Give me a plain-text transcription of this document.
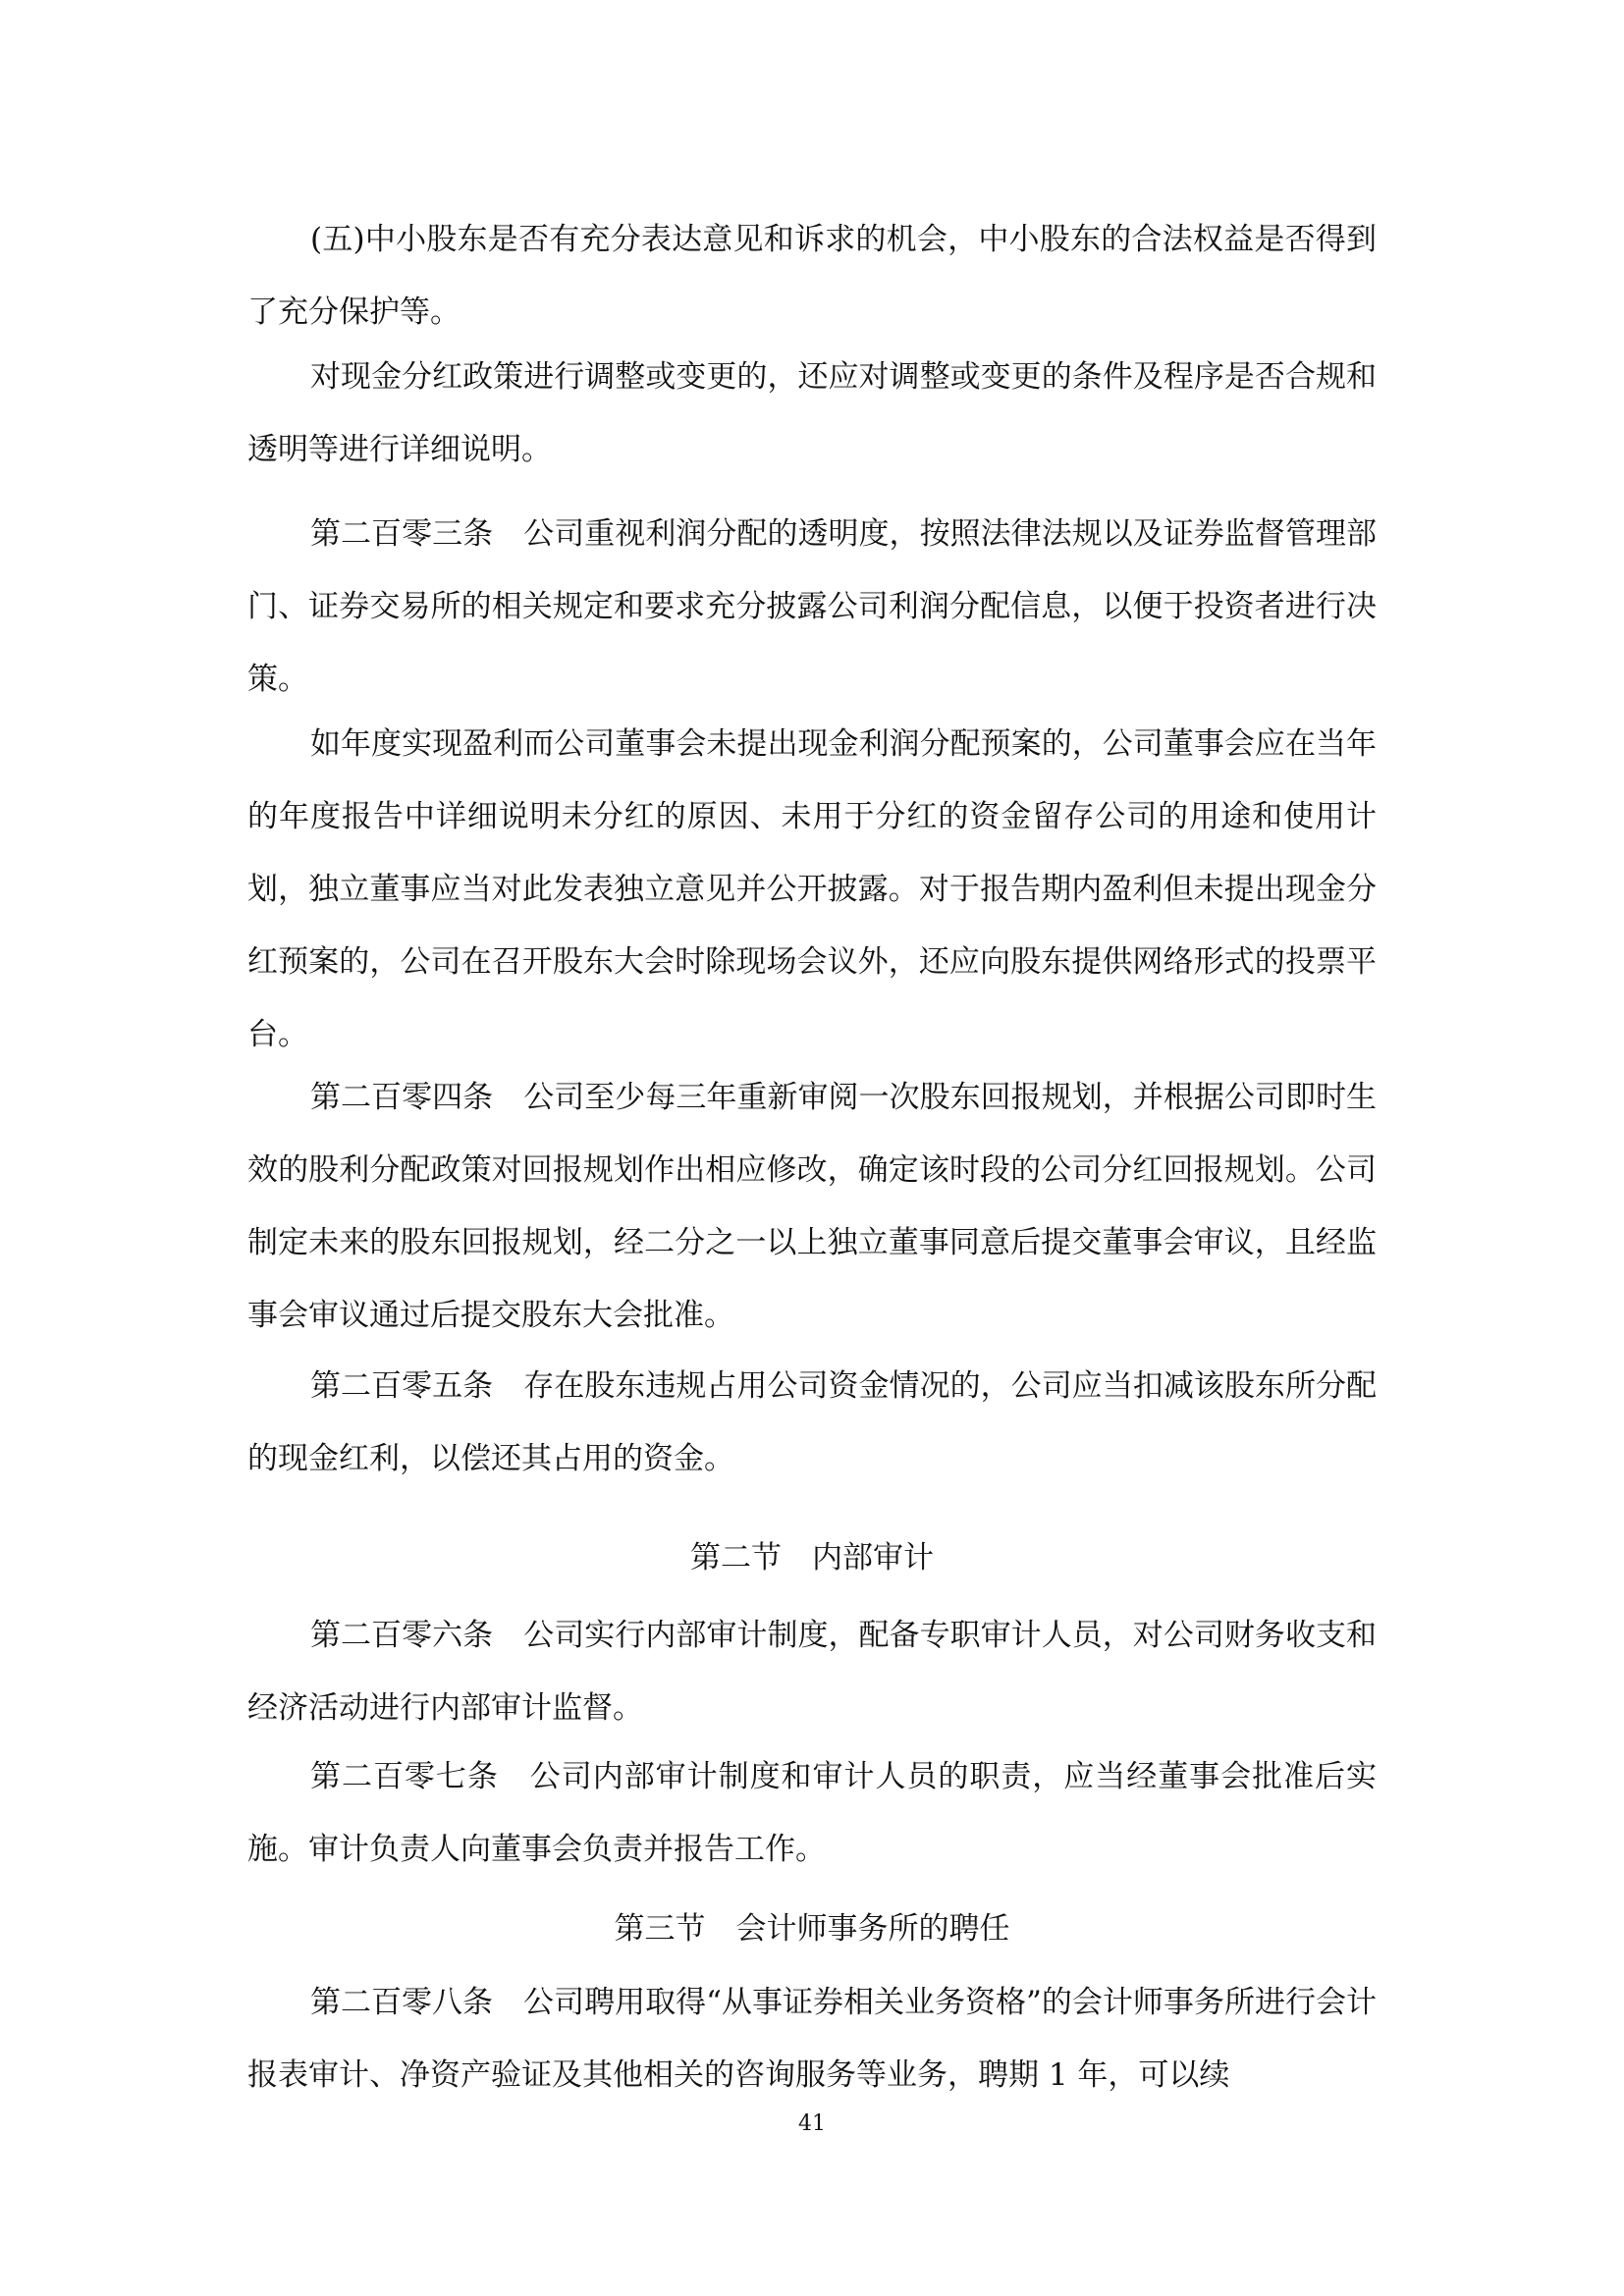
(五)中小股东是否有充分表达意见和诉求的机会，中小股东的合法权益是否得到了充分保护等。

对现金分红政策进行调整或变更的，还应对调整或变更的条件及程序是否合规和透明等进行详细说明。

第二百零三条　公司重视利润分配的透明度，按照法律法规以及证券监督管理部门、证券交易所的相关规定和要求充分披露公司利润分配信息，以便于投资者进行决策。

如年度实现盈利而公司董事会未提出现金利润分配预案的，公司董事会应在当年的年度报告中详细说明未分红的原因、未用于分红的资金留存公司的用途和使用计划，独立董事应当对此发表独立意见并公开披露。对于报告期内盈利但未提出现金分红预案的，公司在召开股东大会时除现场会议外，还应向股东提供网络形式的投票平台。

第二百零四条　公司至少每三年重新审阅一次股东回报规划，并根据公司即时生效的股利分配政策对回报规划作出相应修改，确定该时段的公司分红回报规划。公司制定未来的股东回报规划，经二分之一以上独立董事同意后提交董事会审议，且经监事会审议通过后提交股东大会批准。

第二百零五条　存在股东违规占用公司资金情况的，公司应当扣减该股东所分配的现金红利，以偿还其占用的资金。

第二节　内部审计

第二百零六条　公司实行内部审计制度，配备专职审计人员，对公司财务收支和经济活动进行内部审计监督。

第二百零七条　公司内部审计制度和审计人员的职责，应当经董事会批准后实施。审计负责人向董事会负责并报告工作。

第三节　会计师事务所的聘任

第二百零八条　公司聘用取得“从事证券相关业务资格”的会计师事务所进行会计报表审计、净资产验证及其他相关的咨询服务等业务，聘期 1 年，可以续

41
